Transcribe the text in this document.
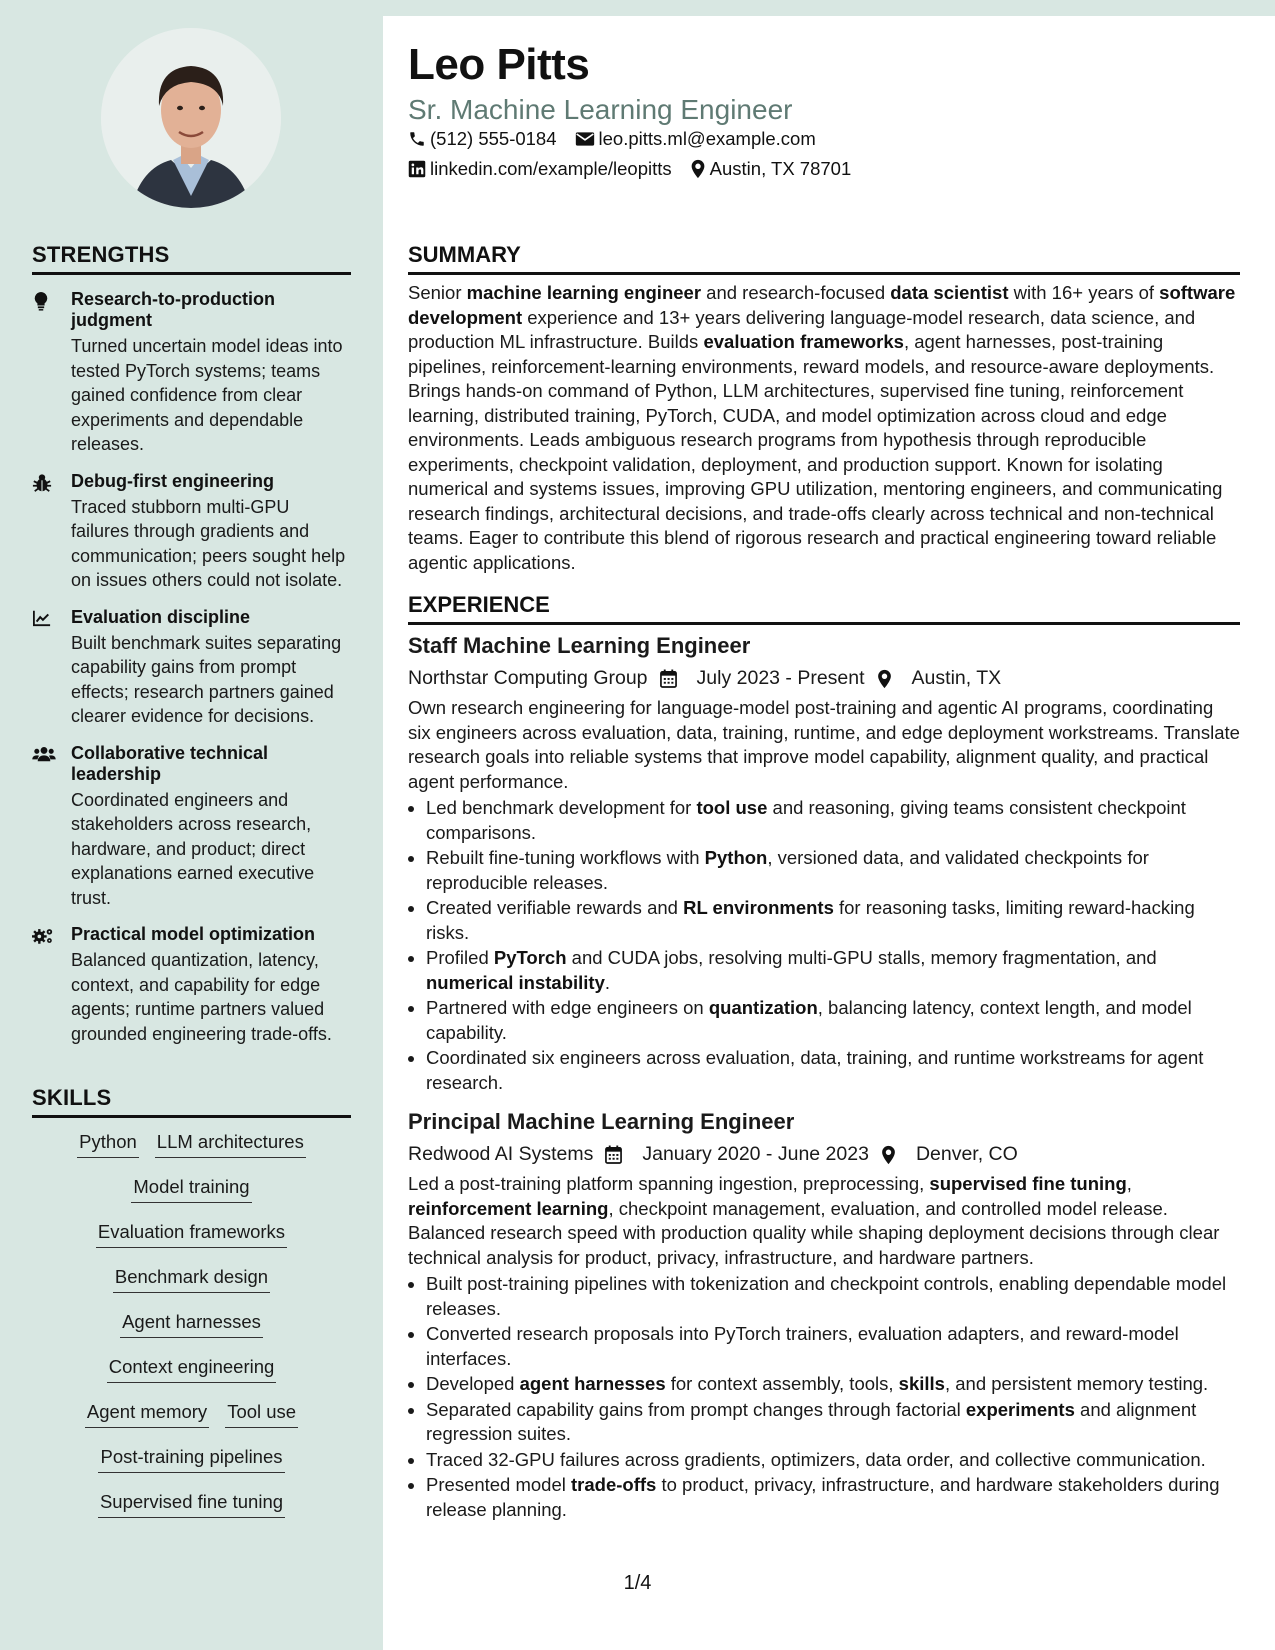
Leo Pitts
Sr. Machine Learning Engineer
(512) 555-0184 leo.pitts.ml@example.com
linkedin.com/example/leopitts Austin, TX 78701
STRENGTHS
Research-to-production judgment
Turned uncertain model ideas into tested PyTorch systems; teams gained confidence from clear experiments and dependable releases.
Debug-first engineering
Traced stubborn multi-GPU failures through gradients and communication; peers sought help on issues others could not isolate.
Evaluation discipline
Built benchmark suites separating capability gains from prompt effects; research partners gained clearer evidence for decisions.
Collaborative technical leadership
Coordinated engineers and stakeholders across research, hardware, and product; direct explanations earned executive trust.
Practical model optimization
Balanced quantization, latency, context, and capability for edge agents; runtime partners valued grounded engineering trade-offs.
SKILLS
Python LLM architectures
Model training
Evaluation frameworks
Benchmark design
Agent harnesses
Context engineering
Agent memory Tool use
Post-training pipelines
Supervised fine tuning
SUMMARY
Senior machine learning engineer and research-focused data scientist with 16+ years of software development experience and 13+ years delivering language-model research, data science, and production ML infrastructure. Builds evaluation frameworks, agent harnesses, post-training pipelines, reinforcement-learning environments, reward models, and resource-aware deployments. Brings hands-on command of Python, LLM architectures, supervised fine tuning, reinforcement learning, distributed training, PyTorch, CUDA, and model optimization across cloud and edge environments. Leads ambiguous research programs from hypothesis through reproducible experiments, checkpoint validation, deployment, and production support. Known for isolating numerical and systems issues, improving GPU utilization, mentoring engineers, and communicating research findings, architectural decisions, and trade-offs clearly across technical and non-technical teams. Eager to contribute this blend of rigorous research and practical engineering toward reliable agentic applications.
EXPERIENCE
Staff Machine Learning Engineer
Northstar Computing Group	July 2023 - Present Austin, TX
Own research engineering for language-model post-training and agentic AI programs, coordinating six engineers across evaluation, data, training, runtime, and edge deployment workstreams. Translate research goals into reliable systems that improve model capability, alignment quality, and practical agent performance.
• Led benchmark development for tool use and reasoning, giving teams consistent checkpoint comparisons.
• Rebuilt fine-tuning workflows with Python, versioned data, and validated checkpoints for reproducible releases.
• Created verifiable rewards and RL environments for reasoning tasks, limiting reward-hacking risks.
• Profiled PyTorch and CUDA jobs, resolving multi-GPU stalls, memory fragmentation, and numerical instability.
• Partnered with edge engineers on quantization, balancing latency, context length, and model capability.
• Coordinated six engineers across evaluation, data, training, and runtime workstreams for agent research.
Principal Machine Learning Engineer
Redwood AI Systems	January 2020 - June 2023 Denver, CO
Led a post-training platform spanning ingestion, preprocessing, supervised fine tuning, reinforcement learning, checkpoint management, evaluation, and controlled model release. Balanced research speed with production quality while shaping deployment decisions through clear technical analysis for product, privacy, infrastructure, and hardware partners.
• Built post-training pipelines with tokenization and checkpoint controls, enabling dependable model releases.
• Converted research proposals into PyTorch trainers, evaluation adapters, and reward-model interfaces.
• Developed agent harnesses for context assembly, tools, skills, and persistent memory testing.
• Separated capability gains from prompt changes through factorial experiments and alignment regression suites.
• Traced 32-GPU failures across gradients, optimizers, data order, and collective communication.
• Presented model trade-offs to product, privacy, infrastructure, and hardware stakeholders during release planning.
1/4
